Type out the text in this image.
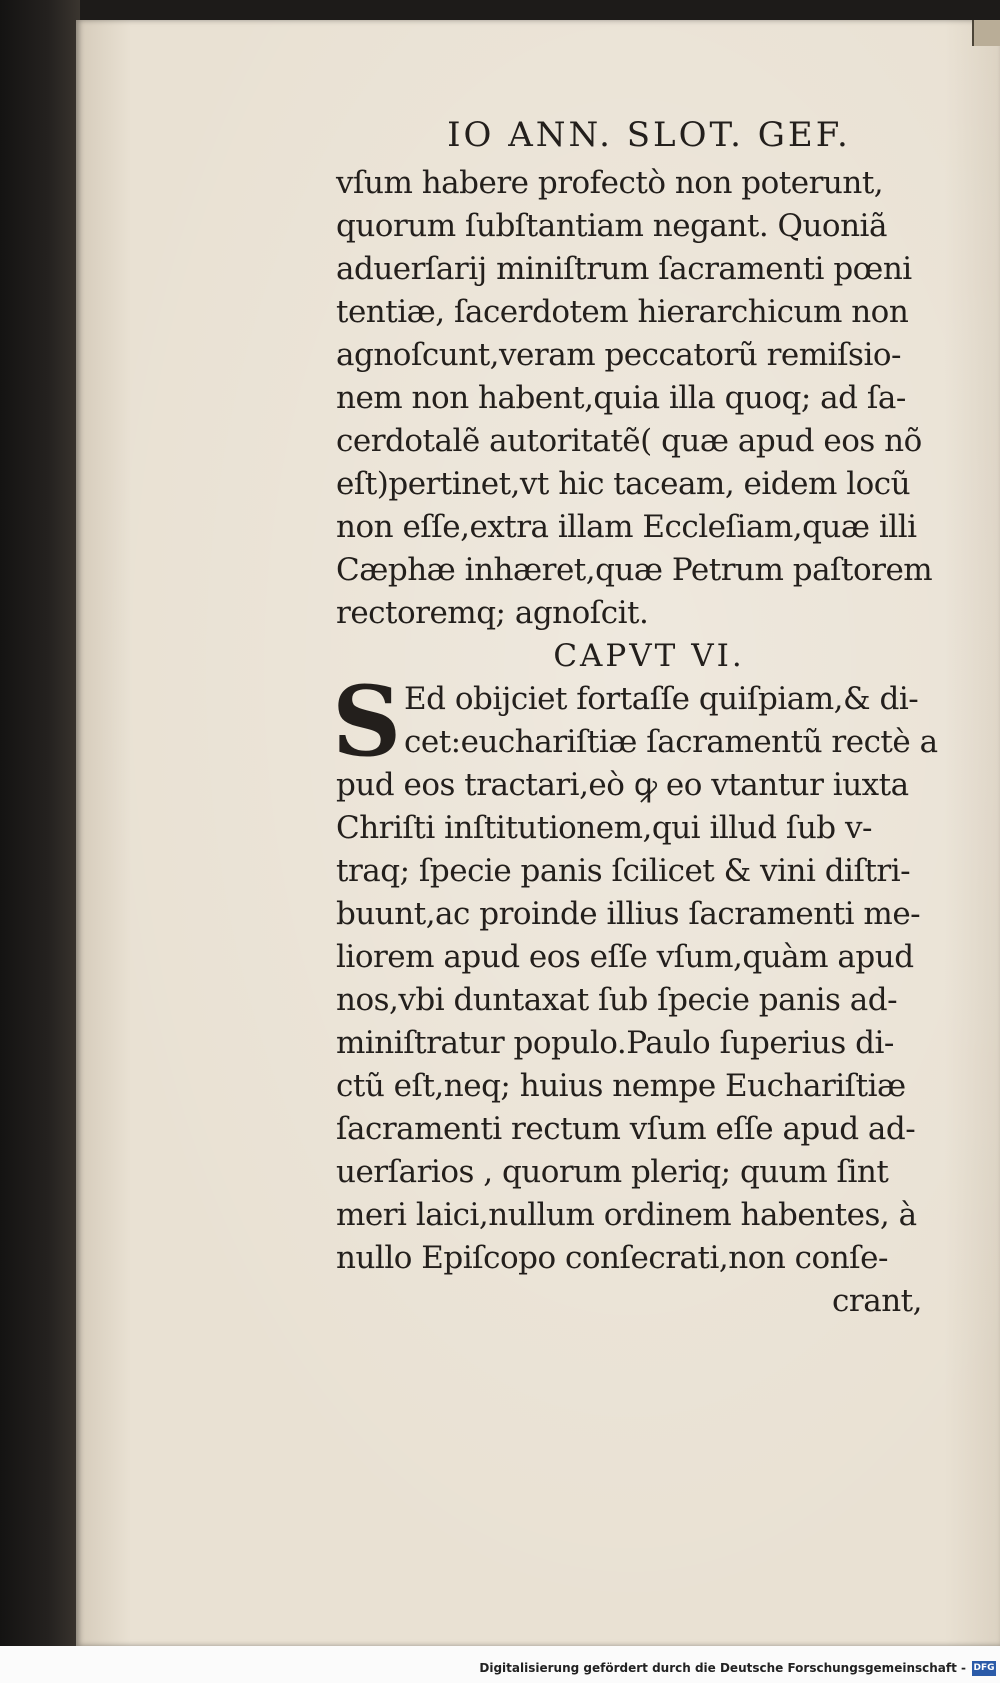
IO ANN. SLOT. GEF.
vſum habere profectò non poterunt,
quorum ſubſtantiam negant. Quoniã
aduerſarij miniſtrum ſacramenti pœni
tentiæ, ſacerdotem hierarchicum non
agnoſcunt,veram peccatorũ remiſsio-
nem non habent,quia illa quoq; ad ſa-
cerdotalẽ autoritatẽ( quæ apud eos nõ
eſt)pertinet,vt hic taceam, eidem locũ
non eſſe,extra illam Eccleſiam,quæ illi
Cæphæ inhæret,quæ Petrum paſtorem
rectoremq; agnoſcit.
CAPVT VI.
S Ed obijciet fortaſſe quiſpiam,& di-
cet:euchariſtiæ ſacramentũ rectè a
pud eos tractari,eò ꝙ eo vtantur iuxta
Chriſti inſtitutionem,qui illud ſub v-
traq; ſpecie panis ſcilicet & vini diſtri-
buunt,ac proinde illius ſacramenti me-
liorem apud eos eſſe vſum,quàm apud
nos,vbi duntaxat ſub ſpecie panis ad-
miniſtratur populo.Paulo ſuperius di-
ctũ eſt,neq; huius nempe Euchariſtiæ
ſacramenti rectum vſum eſſe apud ad-
uerſarios , quorum pleriq; quum ſint
meri laici,nullum ordinem habentes, à
nullo Epiſcopo conſecrati,non conſe-
crant,
Digitalisierung gefördert durch die Deutsche Forschungsgemeinschaft - DFG
